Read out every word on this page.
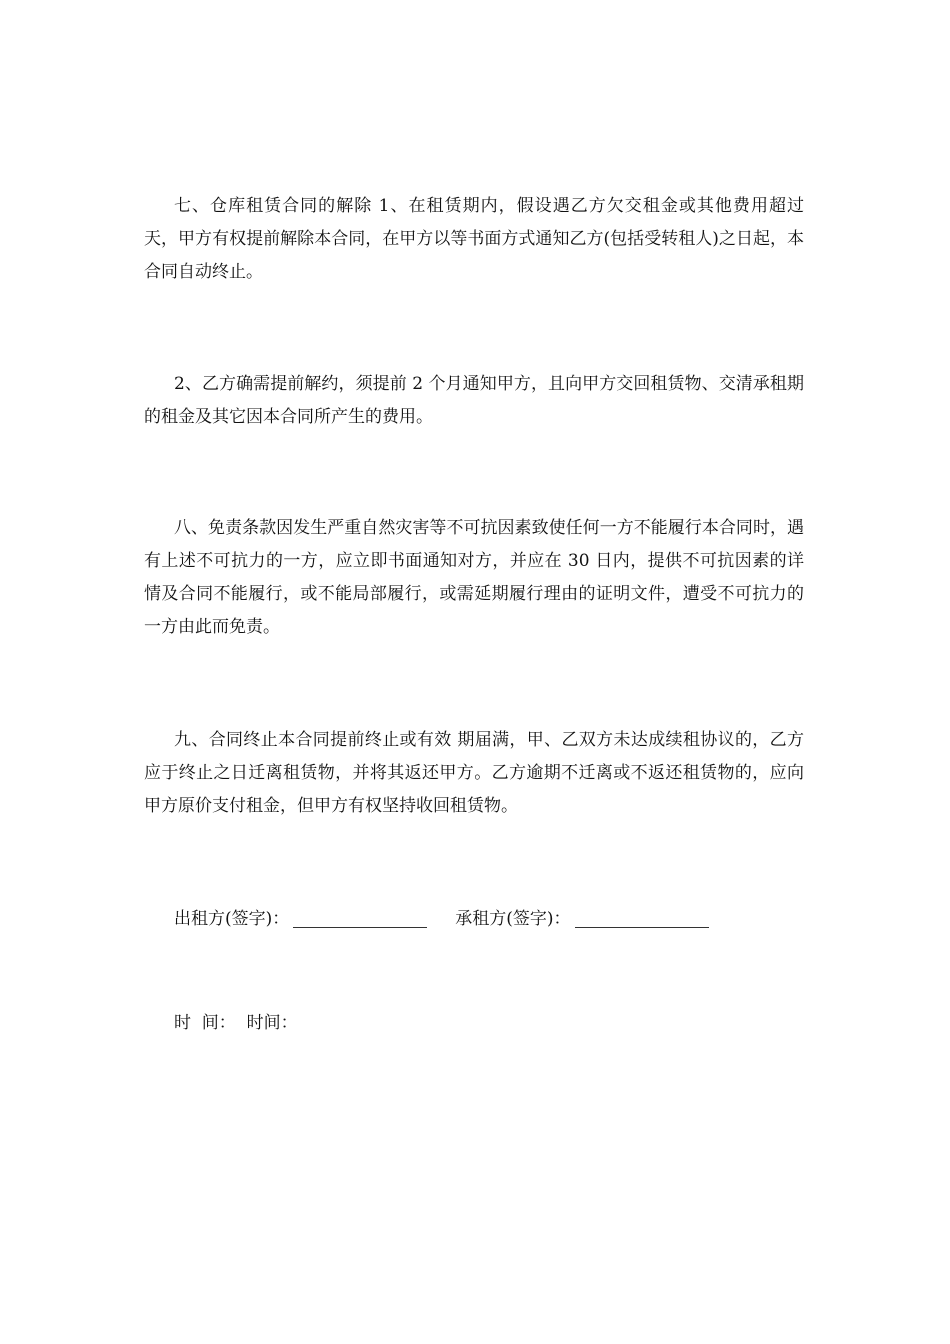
七、仓库租赁合同的解除 1、在租赁期内，假设遇乙方欠交租金或其他费用超过 天，甲方有权提前解除本合同，在甲方以等书面方式通知乙方(包括受转租人)之日起，本合同自动终止。

2、乙方确需提前解约，须提前 2 个月通知甲方，且向甲方交回租赁物、交清承租期的租金及其它因本合同所产生的费用。

八、免责条款因发生严重自然灾害等不可抗因素致使任何一方不能履行本合同时，遇有上述不可抗力的一方，应立即书面通知对方，并应在 30 日内，提供不可抗因素的详情及合同不能履行，或不能局部履行，或需延期履行理由的证明文件，遭受不可抗力的一方由此而免责。

九、合同终止本合同提前终止或有效 期届满，甲、乙双方未达成续租协议的，乙方应于终止之日迁离租赁物，并将其返还甲方。乙方逾期不迁离或不返还租赁物的，应向甲方原价支付租金，但甲方有权坚持收回租赁物。

出租方(签字)：	承租方(签字)：
时  间：  时间：
